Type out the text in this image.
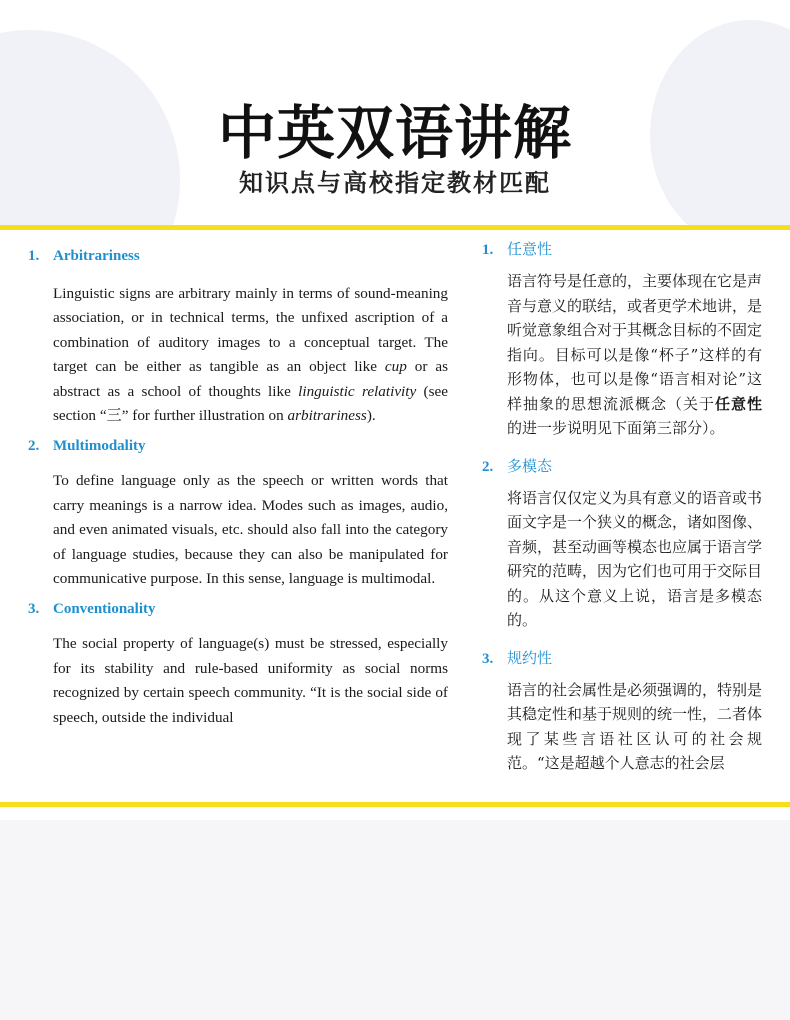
中英双语讲解
知识点与高校指定教材匹配

1. Arbitrariness

Linguistic signs are arbitrary mainly in terms of sound-meaning association, or in technical terms, the unfixed ascription of a combination of auditory images to a conceptual target. The target can be either as tangible as an object like cup or as abstract as a school of thoughts like linguistic relativity (see section “三” for further illustration on arbitrariness).

2. Multimodality

To define language only as the speech or written words that carry meanings is a narrow idea. Modes such as images, audio, and even animated visuals, etc. should also fall into the category of language studies, because they can also be manipulated for communicative purpose. In this sense, language is multimodal.

3. Conventionality

The social property of language(s) must be stressed, especially for its stability and rule-based uniformity as social norms recognized by certain speech community. “It is the social side of speech, outside the individual

1. 任意性

语言符号是任意的，主要体现在它是声音与意义的联结，或者更学术地讲，是听觉意象组合对于其概念目标的不固定指向。目标可以是像“杯子”这样的有形物体，也可以是像“语言相对论”这样抽象的思想流派概念（关于任意性的进一步说明见下面第三部分）。

2. 多模态

将语言仅仅定义为具有意义的语音或书面文字是一个狭义的概念，诸如图像、音频，甚至动画等模态也应属于语言学研究的范畴，因为它们也可用于交际目的。从这个意义上说，语言是多模态的。

3. 规约性

语言的社会属性是必须强调的，特别是其稳定性和基于规则的统一性，二者体现了某些言语社区认可的社会规范。“这是超越个人意志的社会层
